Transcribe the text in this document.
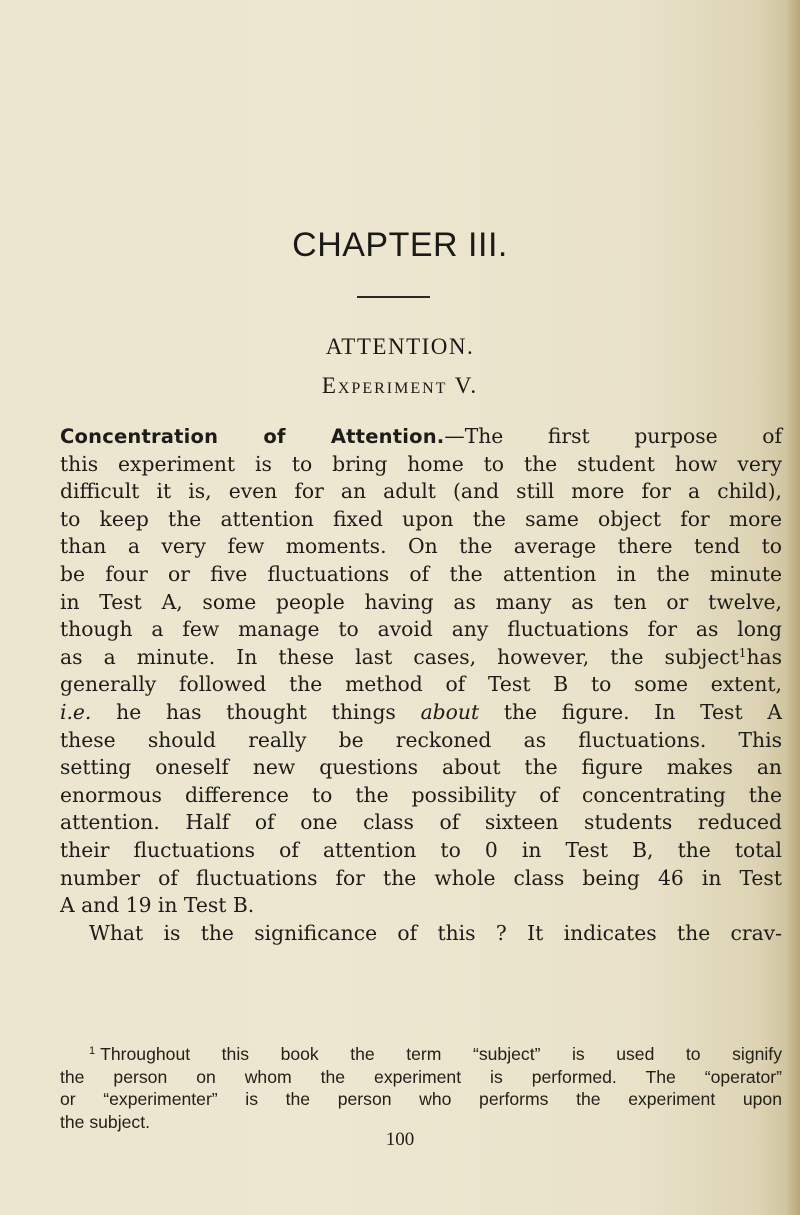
CHAPTER III.
ATTENTION.
Experiment V.

Concentration of Attention.—The first purpose of

this experiment is to bring home to the student how very

difficult it is, even for an adult (and still more for a child),

to keep the attention fixed upon the same object for more

than a very few moments. On the average there tend to

be four or five fluctuations of the attention in the minute

in Test A, some people having as many as ten or twelve,

though a few manage to avoid any fluctuations for as long

as a minute. In these last cases, however, the subject$^1$has

generally followed the method of Test B to some extent,

i.e. he has thought things about the figure. In Test A

these should really be reckoned as fluctuations. This

setting oneself new questions about the figure makes an

enormous difference to the possibility of concentrating the

attention. Half of one class of sixteen students reduced

their fluctuations of attention to 0 in Test B, the total

number of fluctuations for the whole class being 46 in Test

A and 19 in Test B.

What is the significance of this ? It indicates the crav-

$^1$ Throughout this book the term “subject” is used to signify

the person on whom the experiment is performed. The “operator”

or “experimenter” is the person who performs the experiment upon

the subject.

100
